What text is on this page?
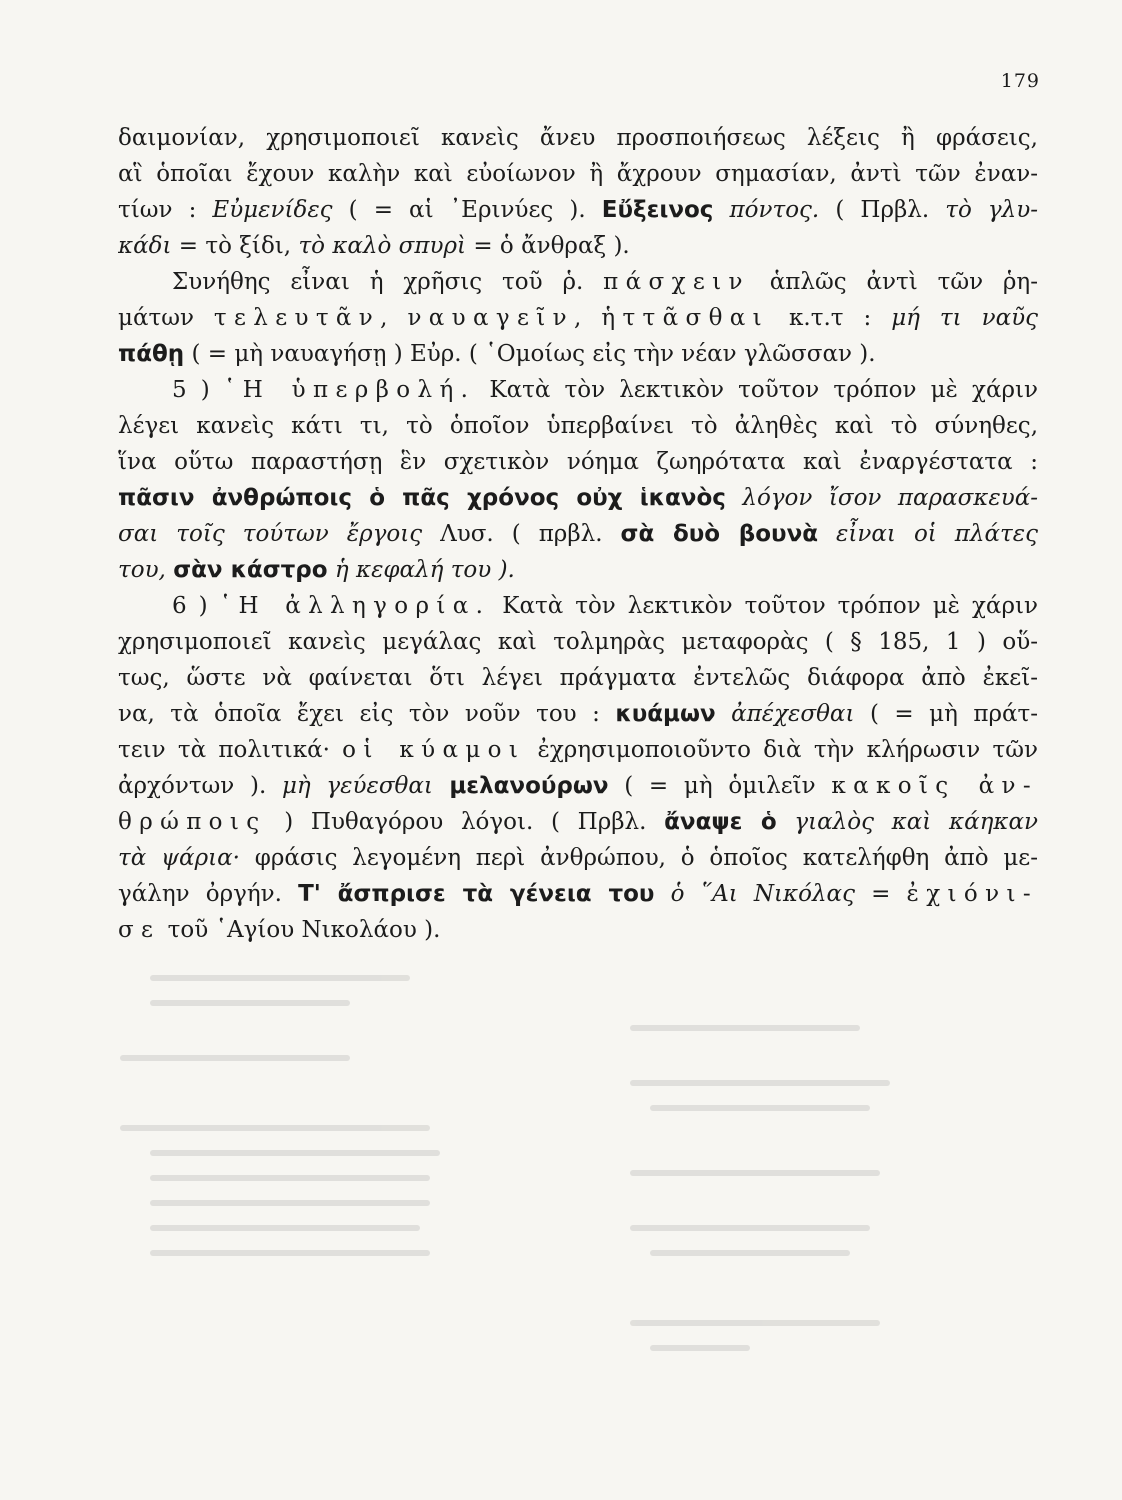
179
δαιμονίαν, χρησιμοποιεῖ κανεὶς ἄνευ προσποιήσεως λέξεις ἢ φράσεις,
αἳ ὁποῖαι ἔχουν καλὴν καὶ εὐοίωνον ἢ ἄχρουν σημασίαν, ἀντὶ τῶν ἐναν-
τίων : Εὐμενίδες ( = αἱ ᾿Ερινύες ). Εὔξεινος πόντος. ( Πρβλ. τὸ γλυ-
κάδι = τὸ ξίδι, τὸ καλὸ σπυρὶ = ὁ ἄνθραξ ).
Συνήθης εἶναι ἡ χρῆσις τοῦ ῥ. πάσχειν ἁπλῶς ἀντὶ τῶν ῥη-
μάτων τελευτᾶν, ναυαγεῖν, ἡττᾶσθαι κ.τ.τ : μή τι ναῦς
πάθῃ ( = μὴ ναυαγήσῃ ) Εὐρ. ( ῾Ομοίως εἰς τὴν νέαν γλῶσσαν ).
5 ) ῾Η ὑπερβολή. Κατὰ τὸν λεκτικὸν τοῦτον τρόπον μὲ χάριν
λέγει κανεὶς κάτι τι, τὸ ὁποῖον ὑπερβαίνει τὸ ἀληθὲς καὶ τὸ σύνηθες,
ἵνα οὕτω παραστήσῃ ἓν σχετικὸν νόημα ζωηρότατα καὶ ἐναργέστατα :
πᾶσιν ἀνθρώποις ὁ πᾶς χρόνος οὐχ ἱκανὸς λόγον ἴσον παρασκευά-
σαι τοῖς τούτων ἔργοις Λυσ. ( πρβλ. σὰ δυὸ βουνὰ εἶναι οἱ πλάτες
του, σὰν κάστρο ἡ κεφαλή του ).
6 ) ῾Η ἀλληγορία. Κατὰ τὸν λεκτικὸν τοῦτον τρόπον μὲ χάριν
χρησιμοποιεῖ κανεὶς μεγάλας καὶ τολμηρὰς μεταφορὰς ( § 185, 1 ) οὕ-
τως, ὥστε νὰ φαίνεται ὅτι λέγει πράγματα ἐντελῶς διάφορα ἀπὸ ἐκεῖ-
να, τὰ ὁποῖα ἔχει εἰς τὸν νοῦν του : κυάμων ἀπέχεσθαι ( = μὴ πράτ-
τειν τὰ πολιτικά· οἱ κύαμοι ἐχρησιμοποιοῦντο διὰ τὴν κλήρωσιν τῶν
ἀρχόντων ). μὴ γεύεσθαι μελανούρων ( = μὴ ὁμιλεῖν κακοῖς ἀν-
θρώποις ) Πυθαγόρου λόγοι. ( Πρβλ. ἄναψε ὁ γιαλὸς καὶ κάηκαν
τὰ ψάρια· φράσις λεγομένη περὶ ἀνθρώπου, ὁ ὁποῖος κατελήφθη ἀπὸ με-
γάλην ὀργήν. Τ' ἄσπρισε τὰ γένεια του ὁ ῞Αι Νικόλας = ἐχιόνι-
σε τοῦ ῾Αγίου Νικολάου ).
